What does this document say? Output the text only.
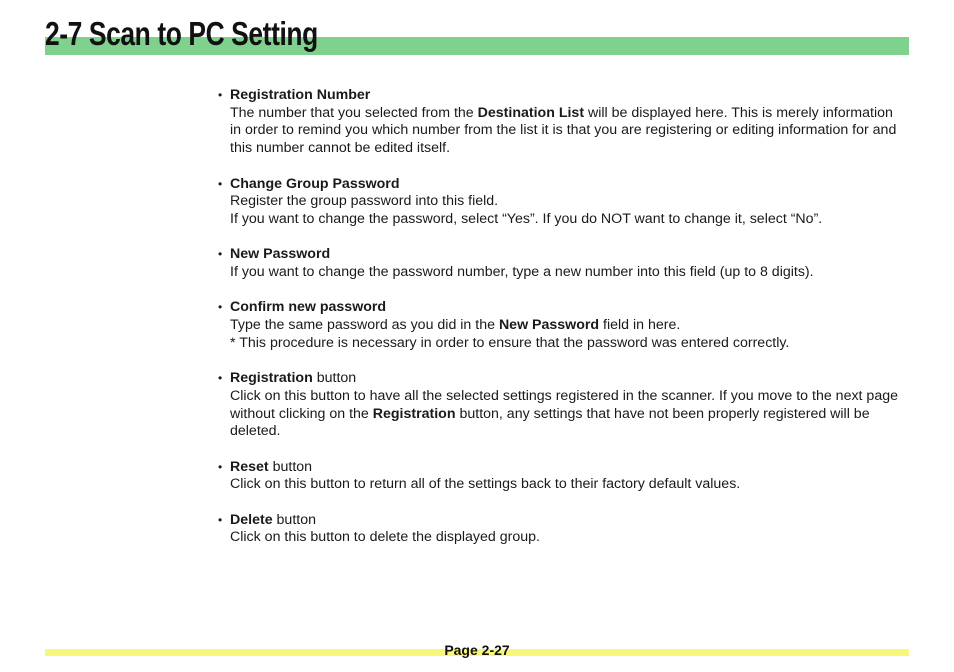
2-7 Scan to PC Setting
• Registration Number
The number that you selected from the Destination List will be displayed here. This is merely information
in order to remind you which number from the list it is that you are registering or editing information for and
this number cannot be edited itself.
• Change Group Password
Register the group password into this field.
If you want to change the password, select “Yes”. If you do NOT want to change it, select “No”.
• New Password
If you want to change the password number, type a new number into this field (up to 8 digits).
• Confirm new password
Type the same password as you did in the New Password field in here.
* This procedure is necessary in order to ensure that the password was entered correctly.
• Registration button
Click on this button to have all the selected settings registered in the scanner. If you move to the next page
without clicking on the Registration button, any settings that have not been properly registered will be
deleted.
• Reset button
Click on this button to return all of the settings back to their factory default values.
• Delete button
Click on this button to delete the displayed group.
Page 2-27
